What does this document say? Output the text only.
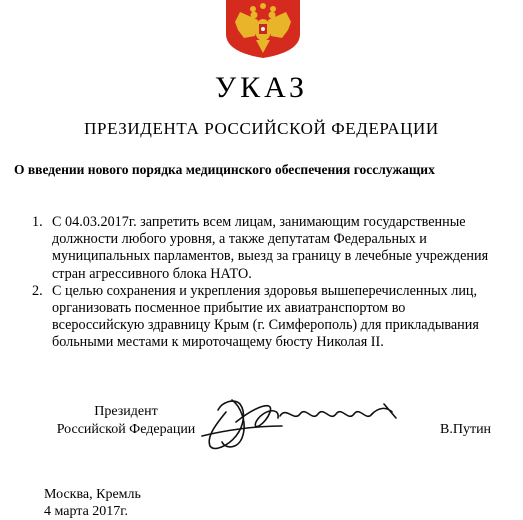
УКАЗ
ПРЕЗИДЕНТА РОССИЙСКОЙ ФЕДЕРАЦИИ
О введении нового порядка медицинского обеспечения госслужащих
1. С 04.03.2017г. запретить всем лицам, занимающим государственные
должности любого уровня, а также депутатам Федеральных и
муниципальных парламентов, выезд за границу в лечебные учреждения
стран агрессивного блока НАТО.
2. С целью сохранения и укрепления здоровья вышеперечисленных лиц,
организовать посменное прибытие их авиатранспортом во
всероссийскую здравницу Крым (г. Симферополь) для прикладывания
больными местами к мироточащему бюсту Николая II.
Президент
Российской Федерации	В.Путин
Москва, Кремль
4 марта 2017г.
